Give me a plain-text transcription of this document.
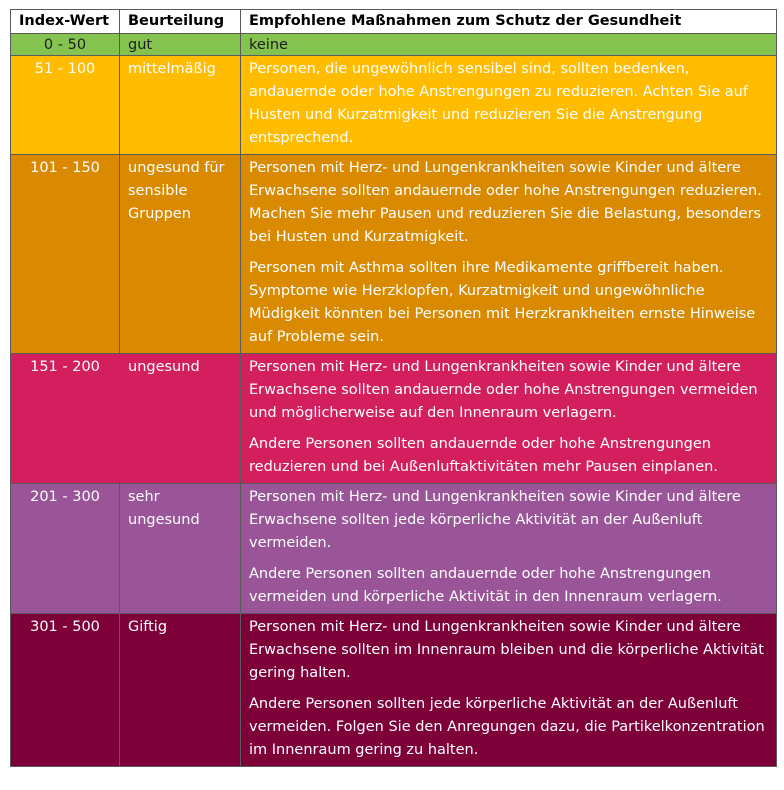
Index-Wert	Beurteilung	Empfohlene Maßnahmen zum Schutz der Gesundheit
0 - 50	gut	keine

51 - 100	mittelmäßig	Personen, die ungewöhnlich sensibel sind, sollten bedenken, andauernde oder hohe Anstrengungen zu reduzieren. Achten Sie auf Husten und Kurzatmigkeit und reduzieren Sie die Anstrengung entsprechend.

101 - 150	ungesund für sensible Gruppen	Personen mit Herz- und Lungenkrankheiten sowie Kinder und ältere Erwachsene sollten andauernde oder hohe Anstrengungen reduzieren. Machen Sie mehr Pausen und reduzieren Sie die Belastung, besonders bei Husten und Kurzatmigkeit.

Personen mit Asthma sollten ihre Medikamente griffbereit haben. Symptome wie Herzklopfen, Kurzatmigkeit und ungewöhnliche Müdigkeit könnten bei Personen mit Herzkrankheiten ernste Hinweise auf Probleme sein.

151 - 200	ungesund	Personen mit Herz- und Lungenkrankheiten sowie Kinder und ältere Erwachsene sollten andauernde oder hohe Anstrengungen vermeiden und möglicherweise auf den Innenraum verlagern.

Andere Personen sollten andauernde oder hohe Anstrengungen reduzieren und bei Außenluftaktivitäten mehr Pausen einplanen.

201 - 300	sehr ungesund	Personen mit Herz- und Lungenkrankheiten sowie Kinder und ältere Erwachsene sollten jede körperliche Aktivität an der Außenluft vermeiden.

Andere Personen sollten andauernde oder hohe Anstrengungen vermeiden und körperliche Aktivität in den Innenraum verlagern.

301 - 500	Giftig	Personen mit Herz- und Lungenkrankheiten sowie Kinder und ältere Erwachsene sollten im Innenraum bleiben und die körperliche Aktivität gering halten.

Andere Personen sollten jede körperliche Aktivität an der Außenluft vermeiden. Folgen Sie den Anregungen dazu, die Partikelkonzentration im Innenraum gering zu halten.
